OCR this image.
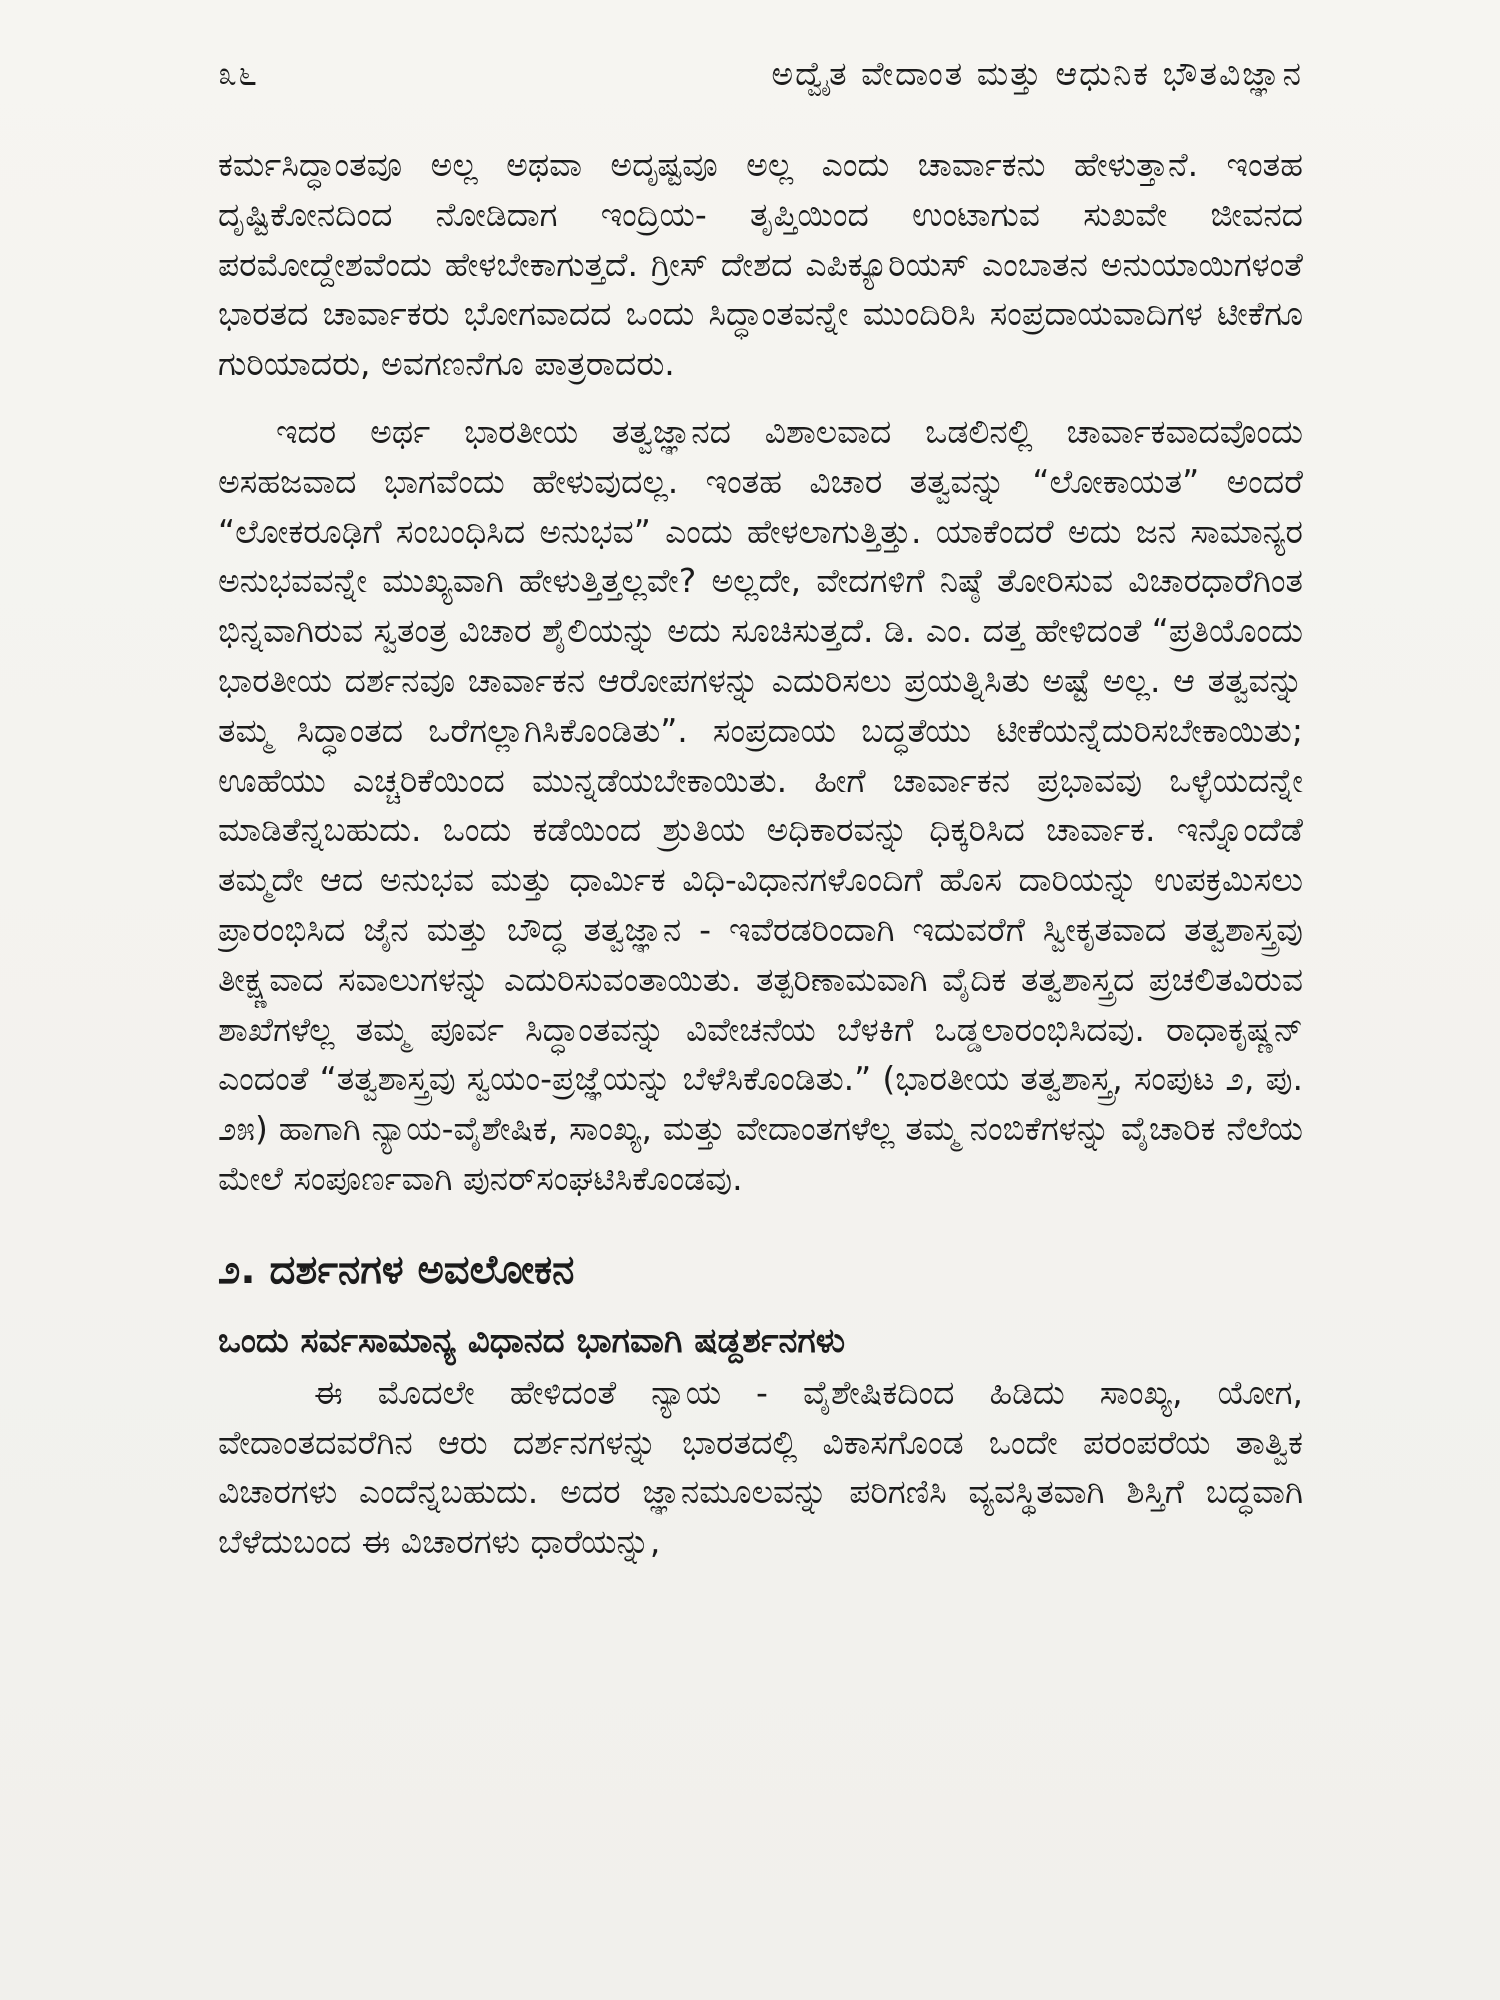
೩೬	ಅದ್ವೈತ ವೇದಾಂತ ಮತ್ತು ಆಧುನಿಕ ಭೌತವಿಜ್ಞಾನ

ಕರ್ಮಸಿದ್ಧಾಂತವೂ ಅಲ್ಲ ಅಥವಾ ಅದೃಷ್ಟವೂ ಅಲ್ಲ ಎಂದು ಚಾರ್ವಾಕನು ಹೇಳುತ್ತಾನೆ. ಇಂತಹ ದೃಷ್ಟಿಕೋನದಿಂದ ನೋಡಿದಾಗ ಇಂದ್ರಿಯ- ತೃಪ್ತಿಯಿಂದ ಉಂಟಾಗುವ ಸುಖವೇ ಜೀವನದ ಪರಮೋದ್ದೇಶವೆಂದು ಹೇಳಬೇಕಾಗುತ್ತದೆ. ಗ್ರೀಸ್ ದೇಶದ ಎಪಿಕ್ಯೂರಿಯಸ್ ಎಂಬಾತನ ಅನುಯಾಯಿಗಳಂತೆ ಭಾರತದ ಚಾರ್ವಾಕರು ಭೋಗವಾದದ ಒಂದು ಸಿದ್ಧಾಂತವನ್ನೇ ಮುಂದಿರಿಸಿ ಸಂಪ್ರದಾಯವಾದಿಗಳ ಟೀಕೆಗೂ ಗುರಿಯಾದರು, ಅವಗಣನೆಗೂ ಪಾತ್ರರಾದರು.

ಇದರ ಅರ್ಥ ಭಾರತೀಯ ತತ್ವಜ್ಞಾನದ ವಿಶಾಲವಾದ ಒಡಲಿನಲ್ಲಿ ಚಾರ್ವಾಕವಾದವೊಂದು ಅಸಹಜವಾದ ಭಾಗವೆಂದು ಹೇಳುವುದಲ್ಲ. ಇಂತಹ ವಿಚಾರ ತತ್ವವನ್ನು “ಲೋಕಾಯತ” ಅಂದರೆ “ಲೋಕರೂಢಿಗೆ ಸಂಬಂಧಿಸಿದ ಅನುಭವ” ಎಂದು ಹೇಳಲಾಗುತ್ತಿತ್ತು. ಯಾಕೆಂದರೆ ಅದು ಜನ ಸಾಮಾನ್ಯರ ಅನುಭವವನ್ನೇ ಮುಖ್ಯವಾಗಿ ಹೇಳುತ್ತಿತ್ತಲ್ಲವೇ? ಅಲ್ಲದೇ, ವೇದಗಳಿಗೆ ನಿಷ್ಠೆ ತೋರಿಸುವ ವಿಚಾರಧಾರೆಗಿಂತ ಭಿನ್ನವಾಗಿರುವ ಸ್ವತಂತ್ರ ವಿಚಾರ ಶೈಲಿಯನ್ನು ಅದು ಸೂಚಿಸುತ್ತದೆ. ಡಿ. ಎಂ. ದತ್ತ ಹೇಳಿದಂತೆ “ಪ್ರತಿಯೊಂದು ಭಾರತೀಯ ದರ್ಶನವೂ ಚಾರ್ವಾಕನ ಆರೋಪಗಳನ್ನು ಎದುರಿಸಲು ಪ್ರಯತ್ನಿಸಿತು ಅಷ್ಟೆ ಅಲ್ಲ. ಆ ತತ್ವವನ್ನು ತಮ್ಮ ಸಿದ್ಧಾಂತದ ಒರೆಗಲ್ಲಾಗಿಸಿಕೊಂಡಿತು”. ಸಂಪ್ರದಾಯ ಬದ್ಧತೆಯು ಟೀಕೆಯನ್ನೆದುರಿಸಬೇಕಾಯಿತು; ಊಹೆಯು ಎಚ್ಚರಿಕೆಯಿಂದ ಮುನ್ನಡೆಯಬೇಕಾಯಿತು. ಹೀಗೆ ಚಾರ್ವಾಕನ ಪ್ರಭಾವವು ಒಳ್ಳೆಯದನ್ನೇ ಮಾಡಿತೆನ್ನಬಹುದು. ಒಂದು ಕಡೆಯಿಂದ ಶ್ರುತಿಯ ಅಧಿಕಾರವನ್ನು ಧಿಕ್ಕರಿಸಿದ ಚಾರ್ವಾಕ. ಇನ್ನೊಂದೆಡೆ ತಮ್ಮದೇ ಆದ ಅನುಭವ ಮತ್ತು ಧಾರ್ಮಿಕ ವಿಧಿ-ವಿಧಾನಗಳೊಂದಿಗೆ ಹೊಸ ದಾರಿಯನ್ನು ಉಪಕ್ರಮಿಸಲು ಪ್ರಾರಂಭಿಸಿದ ಜೈನ ಮತ್ತು ಬೌದ್ಧ ತತ್ವಜ್ಞಾನ - ಇವೆರಡರಿಂದಾಗಿ ಇದುವರೆಗೆ ಸ್ವೀಕೃತವಾದ ತತ್ವಶಾಸ್ತ್ರವು ತೀಕ್ಷ್ಣವಾದ ಸವಾಲುಗಳನ್ನು ಎದುರಿಸುವಂತಾಯಿತು. ತತ್ಪರಿಣಾಮವಾಗಿ ವೈದಿಕ ತತ್ವಶಾಸ್ತ್ರದ ಪ್ರಚಲಿತವಿರುವ ಶಾಖೆಗಳೆಲ್ಲ ತಮ್ಮ ಪೂರ್ವ ಸಿದ್ಧಾಂತವನ್ನು ವಿವೇಚನೆಯ ಬೆಳಕಿಗೆ ಒಡ್ಡಲಾರಂಭಿಸಿದವು. ರಾಧಾಕೃಷ್ಣನ್ ಎಂದಂತೆ “ತತ್ವಶಾಸ್ತ್ರವು ಸ್ವಯಂ-ಪ್ರಜ್ಞೆಯನ್ನು ಬೆಳೆಸಿಕೊಂಡಿತು.” (ಭಾರತೀಯ ತತ್ವಶಾಸ್ತ್ರ, ಸಂಪುಟ ೨, ಪು. ೨೫) ಹಾಗಾಗಿ ನ್ಯಾಯ-ವೈಶೇಷಿಕ, ಸಾಂಖ್ಯ, ಮತ್ತು ವೇದಾಂತಗಳೆಲ್ಲ ತಮ್ಮ ನಂಬಿಕೆಗಳನ್ನು ವೈಚಾರಿಕ ನೆಲೆಯ ಮೇಲೆ ಸಂಪೂರ್ಣವಾಗಿ ಪುನರ್‌ಸಂಘಟಿಸಿಕೊಂಡವು.

೨. ದರ್ಶನಗಳ ಅವಲೋಕನ
ಒಂದು ಸರ್ವಸಾಮಾನ್ಯ ವಿಧಾನದ ಭಾಗವಾಗಿ ಷಡ್ದರ್ಶನಗಳು

ಈ ಮೊದಲೇ ಹೇಳಿದಂತೆ ನ್ಯಾಯ - ವೈಶೇಷಿಕದಿಂದ ಹಿಡಿದು ಸಾಂಖ್ಯ, ಯೋಗ, ವೇದಾಂತದವರೆಗಿನ ಆರು ದರ್ಶನಗಳನ್ನು ಭಾರತದಲ್ಲಿ ವಿಕಾಸಗೊಂಡ ಒಂದೇ ಪರಂಪರೆಯ ತಾತ್ವಿಕ ವಿಚಾರಗಳು ಎಂದೆನ್ನಬಹುದು. ಅದರ ಜ್ಞಾನಮೂಲವನ್ನು ಪರಿಗಣಿಸಿ ವ್ಯವಸ್ಥಿತವಾಗಿ ಶಿಸ್ತಿಗೆ ಬದ್ಧವಾಗಿ ಬೆಳೆದುಬಂದ ಈ ವಿಚಾರಗಳು ಧಾರೆಯನ್ನು,
